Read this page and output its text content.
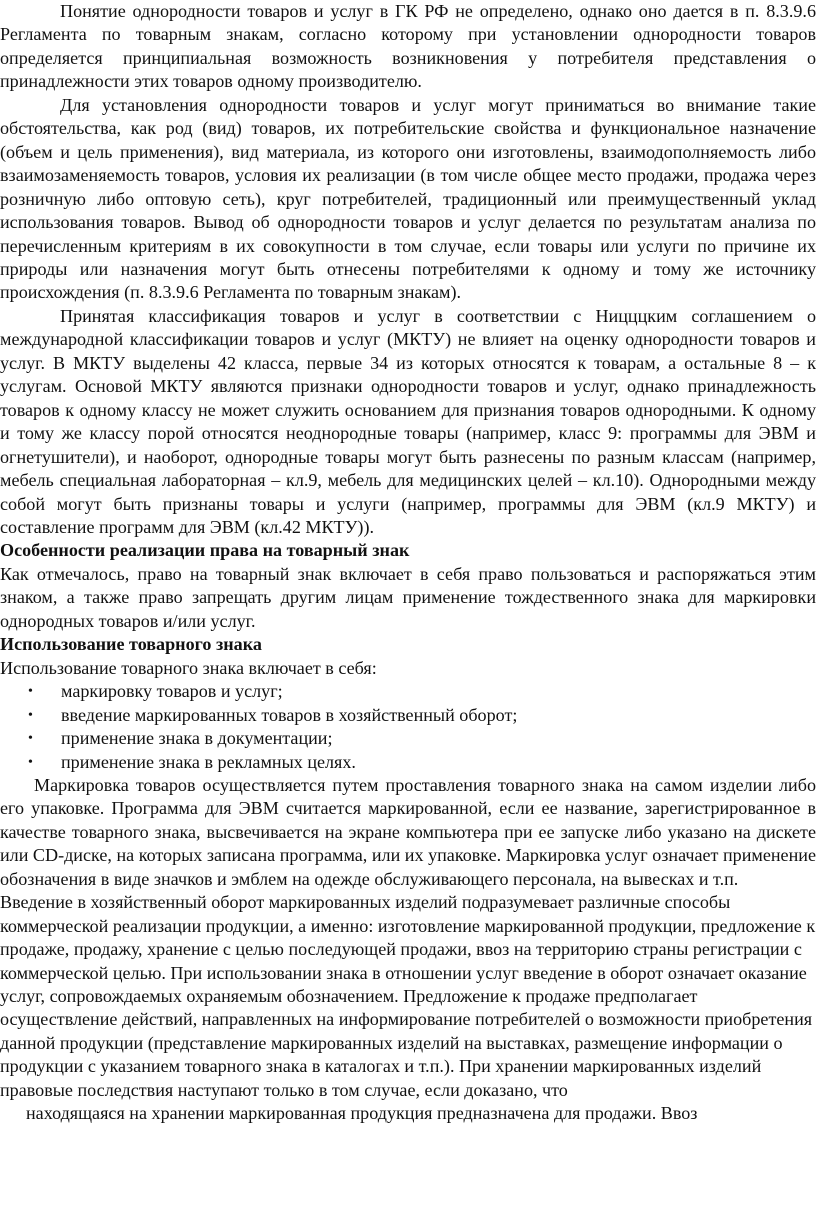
Понятие однородности товаров и услуг в ГК РФ не определено, однако оно дается в п. 8.3.9.6 Регламента по товарным знакам, согласно которому при установлении однородности товаров определяется принципиальная возможность возникновения у потребителя представления о принадлежности этих товаров одному производителю.

Для установления однородности товаров и услуг могут приниматься во внимание такие обстоятельства, как род (вид) товаров, их потребительские свойства и функциональное назначение (объем и цель применения), вид материала, из которого они изготовлены, взаимодополняемость либо взаимозаменяемость товаров, условия их реализации (в том числе общее место продажи, продажа через розничную либо оптовую сеть), круг потребителей, традиционный или преимущественный уклад использования товаров. Вывод об однородности товаров и услуг делается по результатам анализа по перечисленным критериям в их совокупности в том случае, если товары или услуги по причине их природы или назначения могут быть отнесены потребителями к одному и тому же источнику происхождения (п. 8.3.9.6 Регламента по товарным знакам).

Принятая классификация товаров и услуг в соответствии с Ницццким соглашением о международной классификации товаров и услуг (МКТУ) не влияет на оценку однородности товаров и услуг. В МКТУ выделены 42 класса, первые 34 из которых относятся к товарам, а остальные 8 – к услугам. Основой МКТУ являются признаки однородности товаров и услуг, однако принадлежность товаров к одному классу не может служить основанием для признания товаров однородными. К одному и тому же классу порой относятся неоднородные товары (например, класс 9: программы для ЭВМ и огнетушители), и наоборот, однородные товары могут быть разнесены по разным классам (например, мебель специальная лабораторная – кл.9, мебель для медицинских целей – кл.10). Однородными между собой могут быть признаны товары и услуги (например, программы для ЭВМ (кл.9 МКТУ) и составление программ для ЭВМ (кл.42 МКТУ)).

Особенности реализации права на товарный знак

Как отмечалось, право на товарный знак включает в себя право пользоваться и распоряжаться этим знаком, а также право запрещать другим лицам применение тождественного знака для маркировки однородных товаров и/или услуг.

Использование товарного знака

Использование товарного знака включает в себя:

• маркировку товаров и услуг;
• введение маркированных товаров в хозяйственный оборот;
• применение знака в документации;
• применение знака в рекламных целях.

Маркировка товаров осуществляется путем проставления товарного знака на самом изделии либо его упаковке. Программа для ЭВМ считается маркированной, если ее название, зарегистрированное в качестве товарного знака, высвечивается на экране компьютера при ее запуске либо указано на дискете или CD-диске, на которых записана программа, или их упаковке. Маркировка услуг означает применение обозначения в виде значков и эмблем на одежде обслуживающего персонала, на вывесках и т.п.

Введение в хозяйственный оборот маркированных изделий подразумевает различные способы коммерческой реализации продукции, а именно: изготовление маркированной продукции, предложение к продаже, продажу, хранение с целью последующей продажи, ввоз на территорию страны регистрации с коммерческой целью. При использовании знака в отношении услуг введение в оборот означает оказание услуг, сопровождаемых охраняемым обозначением. Предложение к продаже предполагает осуществление действий, направленных на информирование потребителей о возможности приобретения данной продукции (представление маркированных изделий на выставках, размещение информации о продукции с указанием товарного знака в каталогах и т.п.). При хранении маркированных изделий правовые последствия наступают только в том случае, если доказано, что

находящаяся на хранении маркированная продукция предназначена для продажи. Ввоз
